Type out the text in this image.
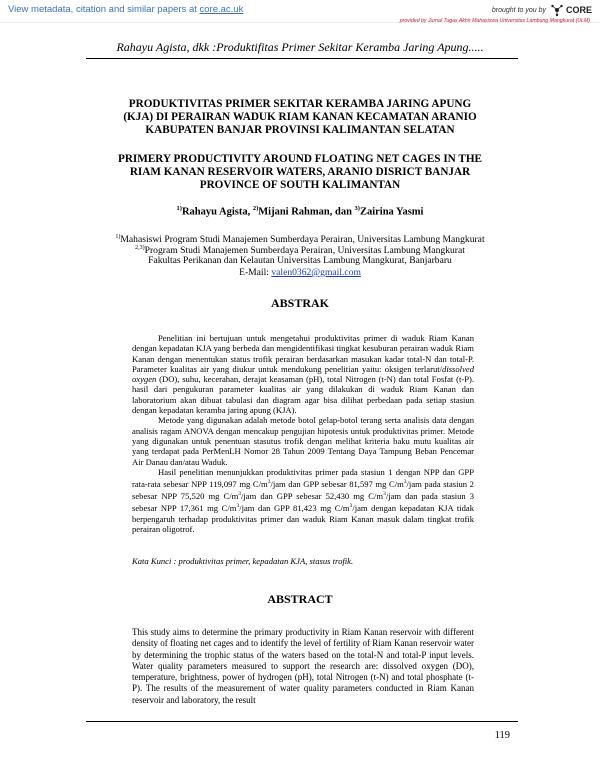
View metadata, citation and similar papers at core.ac.uk	brought to you by CORE
provided by Jurnal Tugas Akhir Mahasiswa Universitas Lambung Mangkurat (ULM)
Rahayu Agista, dkk :Produktifitas Primer Sekitar Keramba Jaring Apung.....
PRODUKTIVITAS PRIMER SEKITAR KERAMBA JARING APUNG
(KJA) DI PERAIRAN WADUK RIAM KANAN KECAMATAN ARANIO
KABUPATEN BANJAR PROVINSI KALIMANTAN SELATAN
PRIMERY PRODUCTIVITY AROUND FLOATING NET CAGES IN THE
RIAM KANAN RESERVOIR WATERS, ARANIO DISRICT BANJAR
PROVINCE OF SOUTH KALIMANTAN
$^{1)}$Rahayu Agista, $^{2)}$Mijani Rahman, dan $^{3)}$Zairina Yasmi
$^{1)}$Mahasiswi Program Studi Manajemen Sumberdaya Perairan, Universitas Lambung Mangkurat
$^{2,3)}$Program Studi Manajemen Sumberdaya Perairan, Universitas Lambung Mangkurat
Fakultas Perikanan dan Kelautan Universitas Lambung Mangkurat, Banjarbaru
E-Mail: valen0362@gmail.com
ABSTRAK

Penelitian ini bertujuan untuk mengetahui produktivitas primer di waduk Riam Kanan dengan kepadatan KJA yang berbeda dan mengidentifikasi tingkat kesuburan perairan waduk Riam Kanan dengan menentukan status trofik perairan berdasarkan masukan kadar total-N dan total-P. Parameter kualitas air yang diukur untuk mendukung penelitian yaitu: oksigen terlarut/dissolved oxygen (DO), suhu, kecerahan, derajat keasaman (pH), total Nitrogen (t-N) dan total Fosfat (t-P). hasil dari pengukuran parameter kualitas air yang dilakukan di waduk Riam Kanan dan laboratorium akan dibuat tabulasi dan diagram agar bisa dilihat perbedaan pada setiap stasiun dengan kepadatan keramba jaring apung (KJA).

Metode yang digunakan adalah metode botol gelap-botol terang serta analisis data dengan analisis ragam ANOVA dengan mencakup pengujian hipotesis untuk produktivitas primer. Metode yang digunakan untuk penentuan stasutus trofik dengan melihat kriteria baku mutu kualitas air yang terdapat pada PerMenLH Nomor 28 Tahun 2009 Tentang Daya Tampung Beban Pencemar Air Danau dan/atau Waduk.

Hasil penelitian menunjukkan produktivitas primer pada stasiun 1 dengan NPP dan GPP rata-rata sebesar NPP 119,097 mg $C/m^3$/jam dan GPP sebesar 81,597 mg $C/m^3$/jam pada stasiun 2 sebesar NPP 75,520 mg $C/m^3$/jam dan GPP sebesar 52,430 mg $C/m^3$/jam dan pada stasiun 3 sebesar NPP 17,361 mg $C/m^3$/jam dan GPP 81,423 mg $C/m^3$/jam dengan kepadatan KJA tidak berpengaruh terhadap produktivitas primer dan waduk Riam Kanan masuk dalam tingkat trofik perairan oligotrof.

Kata Kunci : produktivitas primer, kepadatan KJA, stasus trofik.
ABSTRACT

This study aims to determine the primary productivity in Riam Kanan reservoir with different density of floating net cages and to identify the level of fertility of Riam Kanan reservoir water by determining the trophic status of the waters based on the total-N and total-P input levels. Water quality parameters measured to support the research are: dissolved oxygen (DO), temperature, brightness, power of hydrogen (pH), total Nitrogen (t-N) and total phosphate (t-P). The results of the measurement of water quality parameters conducted in Riam Kanan reservoir and laboratory, the result

119
